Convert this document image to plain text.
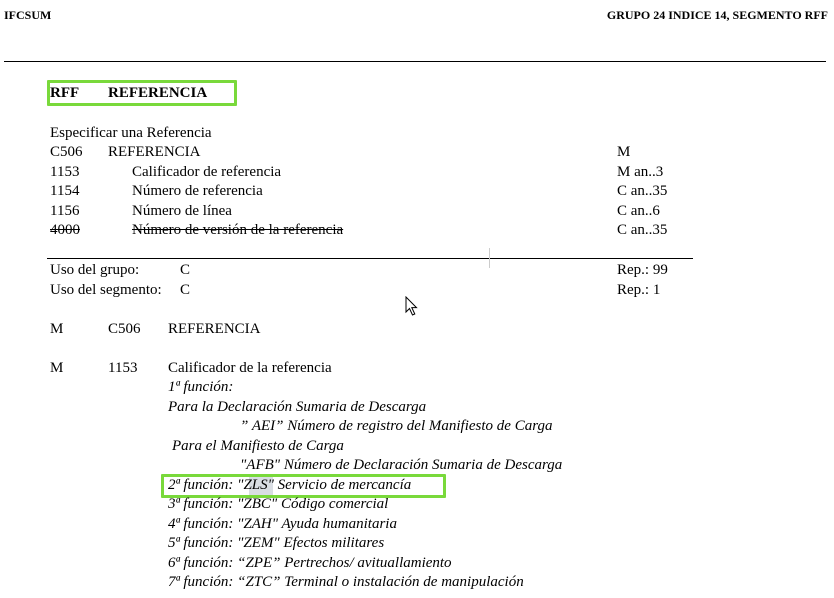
IFCSUM	GRUPO 24 INDICE 14, SEGMENTO RFF
RFF REFERENCIA
Especificar una Referencia
C506 REFERENCIA	M
1153	Calificador de referencia	M an..3
1154	Número de referencia	C an..35
1156	Número de línea	C an..6
4000	Número de versión de la referencia	C an..35
Uso del grupo:	C	Rep.: 99
Uso del segmento: C	Rep.: 1
M	C506 REFERENCIA
M	1153 Calificador de la referencia
1ª función:
Para la Declaración Sumaria de Descarga
” AEI” Número de registro del Manifiesto de Carga
Para el Manifiesto de Carga
"AFB" Número de Declaración Sumaria de Descarga
2ª función: "
ZLS" Servicio de mercancía
3ª función: "ZBC" Código comercial
4ª función: "ZAH" Ayuda humanitaria
5ª función: "ZEM" Efectos militares
6ª función: “ZPE” Pertrechos/ avituallamiento
7ª función: “ZTC” Terminal o instalación de manipulación
